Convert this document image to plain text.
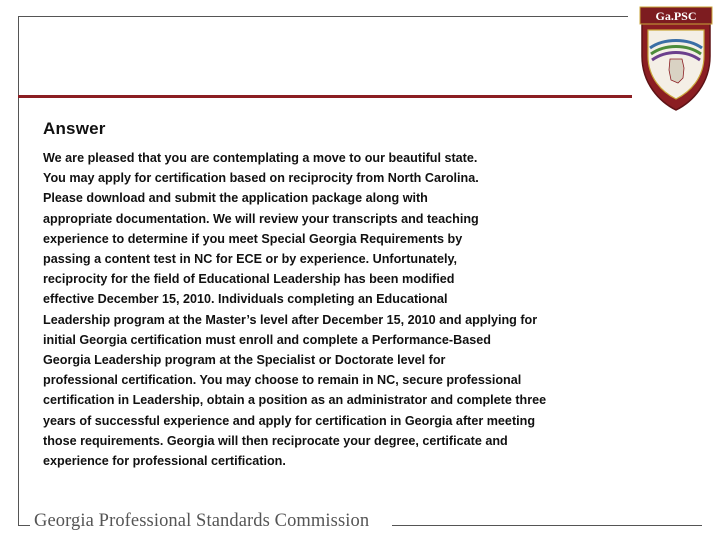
Ga.PSC
Answer
We are pleased that you are contemplating a move to our beautiful state.
You may apply for certification based on reciprocity from North Carolina.
Please download and submit the application package along with
appropriate documentation. We will review your transcripts and teaching
experience to determine if you meet Special Georgia Requirements by
passing a content test in NC for ECE or by experience. Unfortunately,
reciprocity for the field of Educational Leadership has been modified
effective December 15, 2010. Individuals completing an Educational
Leadership program at the Master’s level after December 15, 2010 and applying for
initial Georgia certification must enroll and complete a Performance-Based
Georgia Leadership program at the Specialist or Doctorate level for
professional certification. You may choose to remain in NC, secure professional
certification in Leadership, obtain a position as an administrator and complete three
years of successful experience and apply for certification in Georgia after meeting
those requirements. Georgia will then reciprocate your degree, certificate and
experience for professional certification.
Georgia Professional Standards Commission
